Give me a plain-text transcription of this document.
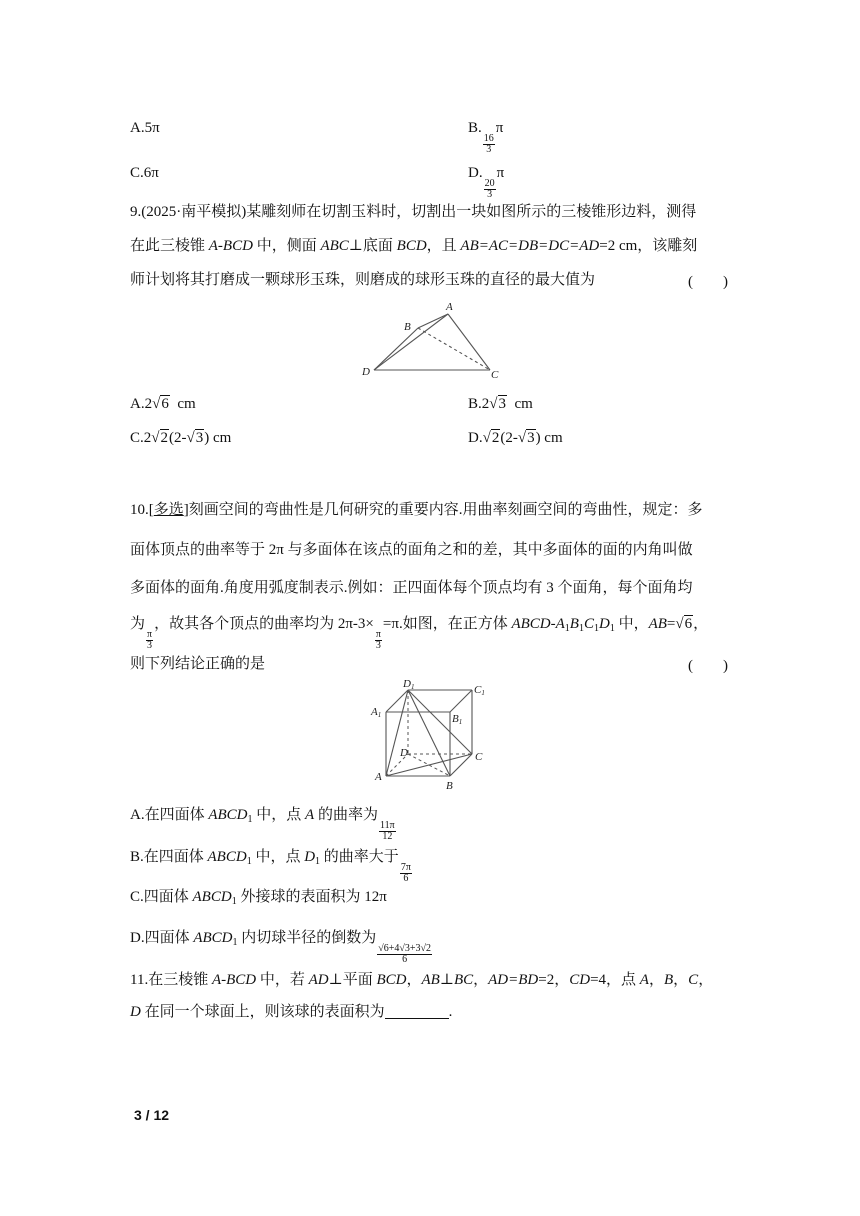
A.5π	B.
$\frac{16}{3}$
π
C.6π	D.
$\frac{20}{3}$
π
9.(2025·南平模拟)某雕刻师在切割玉料时，切割出一块如图所示的三棱锥形边料，测得
在此三棱锥 A-BCD 中，侧面 ABC⊥底面 BCD，且 AB=AC=DB=DC=AD=2 cm，该雕刻
师计划将其打磨成一颗球形玉珠，则磨成的球形玉珠的直径的最大值为	(　　)
A
B
C
D
A.2√6 cm	B.2√3 cm
C.2√2(2-√3) cm	D.√2(2-√3) cm
10.[多选]刻画空间的弯曲性是几何研究的重要内容.用曲率刻画空间的弯曲性，规定：多
面体顶点的曲率等于 2π 与多面体在该点的面角之和的差，其中多面体的面的内角叫做
多面体的面角.角度用弧度制表示.例如：正四面体每个顶点均有 3 个面角，每个面角均
为
$\frac{\pi}{3}$
，故其各个顶点的曲率均为 2π-3×
$\frac{\pi}{3}$
=π.如图，在正方体 ABCD-$A_1B_1C_1D_1$ 中，AB=√6，
则下列结论正确的是	(　　)
D1	C1
A1	B1
D	C
A
B
A.在四面体 $ABCD_1$ 中，点 A 的曲率为
$\frac{11\pi}{12}$
B.在四面体 $ABCD_1$ 中，点 $D_1$ 的曲率大于
$\frac{7\pi}{6}$
C.四面体 $ABCD_1$ 外接球的表面积为 12π
D.四面体 $ABCD_1$ 内切球半径的倒数为
$\frac{√6+4√3+3√2}{6}$
11.在三棱锥 A-BCD 中，若 AD⊥平面 BCD，AB⊥BC，AD=BD=2，CD=4，点 A，B，C，
D 在同一个球面上，则该球的表面积为	.
3 / 12
